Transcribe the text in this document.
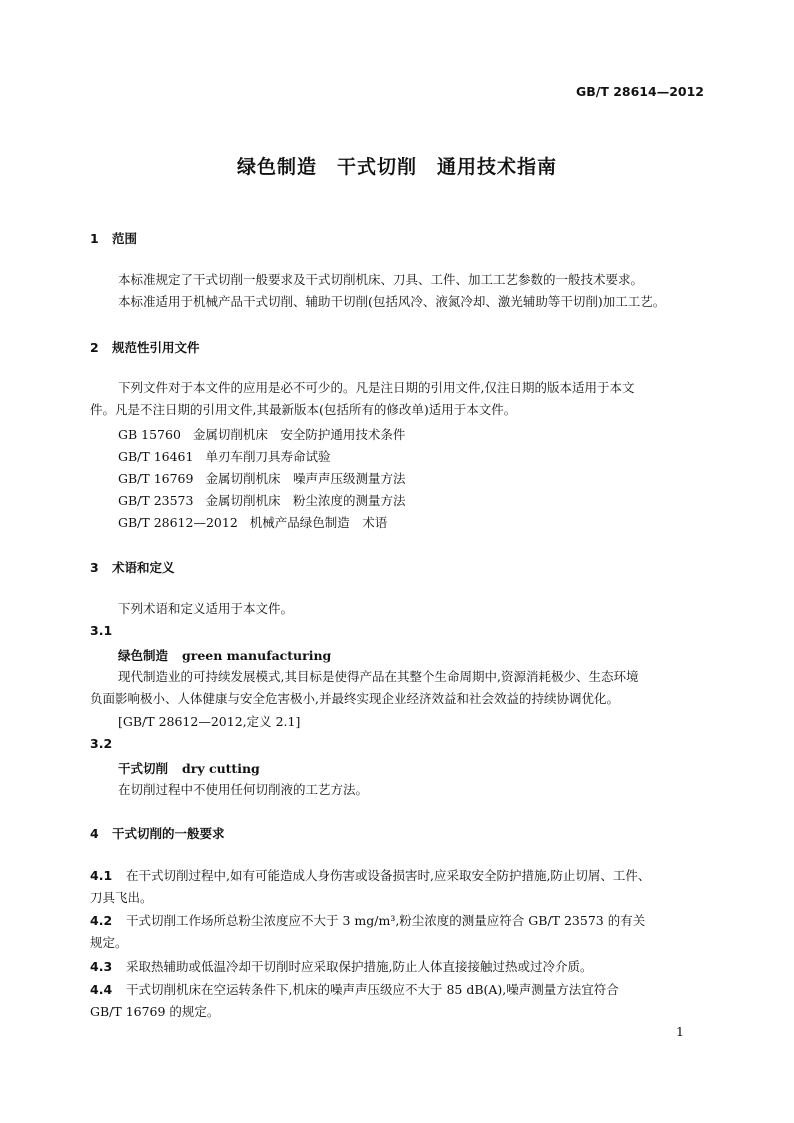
GB/T 28614—2012
绿色制造　干式切削　通用技术指南
1 范围
本标准规定了干式切削一般要求及干式切削机床、刀具、工件、加工工艺参数的一般技术要求。
本标准适用于机械产品干式切削、辅助干切削(包括风冷、液氮冷却、激光辅助等干切削)加工工艺。
2 规范性引用文件
下列文件对于本文件的应用是必不可少的。凡是注日期的引用文件,仅注日期的版本适用于本文
件。凡是不注日期的引用文件,其最新版本(包括所有的修改单)适用于本文件。
GB 15760 金属切削机床　安全防护通用技术条件
GB/T 16461 单刃车削刀具寿命试验
GB/T 16769 金属切削机床　噪声声压级测量方法
GB/T 23573 金属切削机床　粉尘浓度的测量方法
GB/T 28612—2012 机械产品绿色制造　术语
3 术语和定义
下列术语和定义适用于本文件。
3.1
绿色制造 green manufacturing
现代制造业的可持续发展模式,其目标是使得产品在其整个生命周期中,资源消耗极少、生态环境
负面影响极小、人体健康与安全危害极小,并最终实现企业经济效益和社会效益的持续协调优化。
[GB/T 28612—2012,定义 2.1]
3.2
干式切削 dry cutting
在切削过程中不使用任何切削液的工艺方法。
4 干式切削的一般要求
4.1 在干式切削过程中,如有可能造成人身伤害或设备损害时,应采取安全防护措施,防止切屑、工件、
刀具飞出。
4.2 干式切削工作场所总粉尘浓度应不大于 3 mg/m³,粉尘浓度的测量应符合 GB/T 23573 的有关
规定。
4.3 采取热辅助或低温冷却干切削时应采取保护措施,防止人体直接接触过热或过冷介质。
4.4 干式切削机床在空运转条件下,机床的噪声声压级应不大于 85 dB(A),噪声测量方法宜符合
GB/T 16769 的规定。
1
